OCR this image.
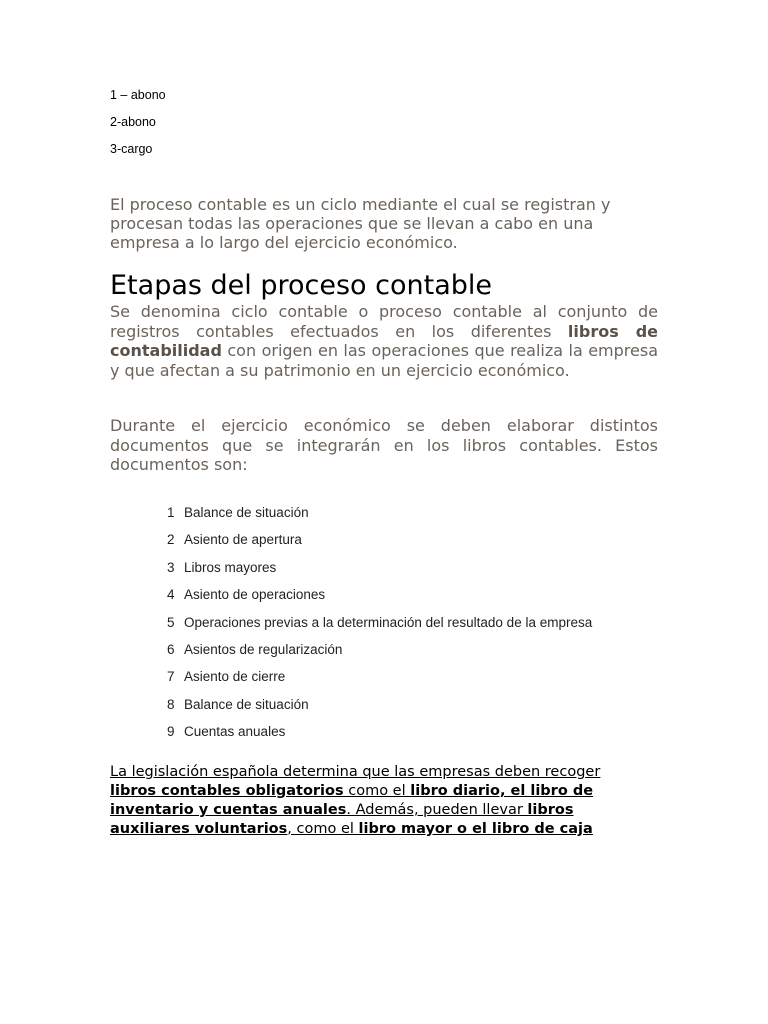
1 – abono
2-abono
3-cargo

El proceso contable es un ciclo mediante el cual se registran y procesan todas las operaciones que se llevan a cabo en una empresa a lo largo del ejercicio económico.

Etapas del proceso contable

Se denomina ciclo contable o proceso contable al conjunto de registros contables efectuados en los diferentes libros de contabilidad con origen en las operaciones que realiza la empresa y que afectan a su patrimonio en un ejercicio económico.

Durante el ejercicio económico se deben elaborar distintos documentos que se integrarán en los libros contables. Estos documentos son:

1 Balance de situación
2 Asiento de apertura
3 Libros mayores
4 Asiento de operaciones
5 Operaciones previas a la determinación del resultado de la empresa
6 Asientos de regularización
7 Asiento de cierre
8 Balance de situación
9 Cuentas anuales

La legislación española determina que las empresas deben recoger libros contables obligatorios como el libro diario, el libro de inventario y cuentas anuales. Además, pueden llevar libros auxiliares voluntarios, como el libro mayor o el libro de caja
